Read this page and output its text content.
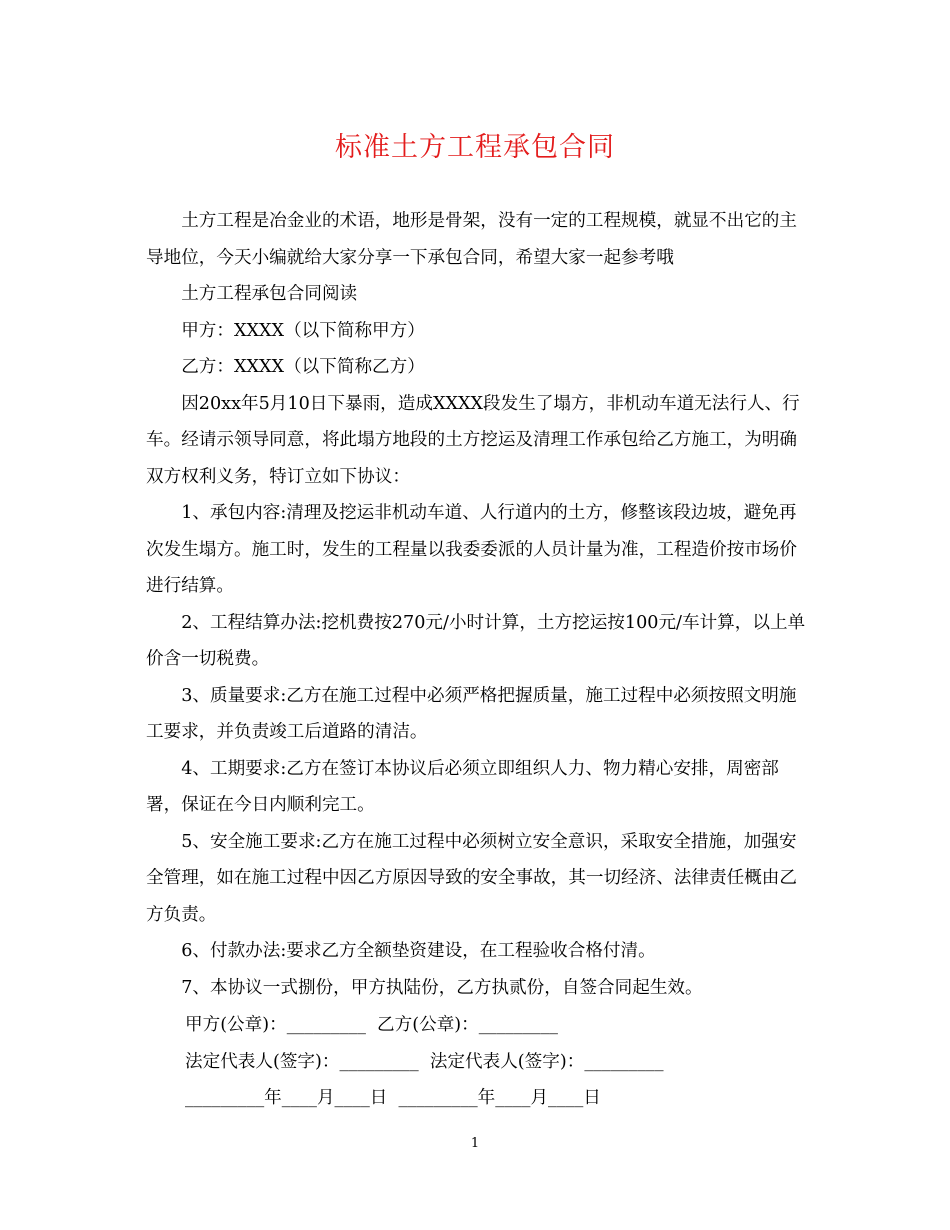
标准土方工程承包合同

土方工程是冶金业的术语，地形是骨架，没有一定的工程规模，就显不出它的主导地位，今天小编就给大家分享一下承包合同，希望大家一起参考哦

土方工程承包合同阅读

甲方：XXXX（以下简称甲方）

乙方：XXXX（以下简称乙方）

因20xx年5月10日下暴雨，造成XXXX段发生了塌方，非机动车道无法行人、行车。经请示领导同意，将此塌方地段的土方挖运及清理工作承包给乙方施工，为明确双方权利义务，特订立如下协议：

1、承包内容:清理及挖运非机动车道、人行道内的土方，修整该段边坡，避免再次发生塌方。施工时，发生的工程量以我委委派的人员计量为准，工程造价按市场价进行结算。

2、工程结算办法:挖机费按270元/小时计算，土方挖运按100元/车计算，以上单价含一切税费。

3、质量要求:乙方在施工过程中必须严格把握质量，施工过程中必须按照文明施工要求，并负责竣工后道路的清洁。

4、工期要求:乙方在签订本协议后必须立即组织人力、物力精心安排，周密部署，保证在今日内顺利完工。

5、安全施工要求:乙方在施工过程中必须树立安全意识，采取安全措施，加强安全管理，如在施工过程中因乙方原因导致的安全事故，其一切经济、法律责任概由乙方负责。

6、付款办法:要求乙方全额垫资建设，在工程验收合格付清。

7、本协议一式捌份，甲方执陆份，乙方执贰份，自签合同起生效。

甲方(公章)：_________  乙方(公章)：_________
法定代表人(签字)：_________  法定代表人(签字)：_________
_________年____月____日  _________年____月____日
1
